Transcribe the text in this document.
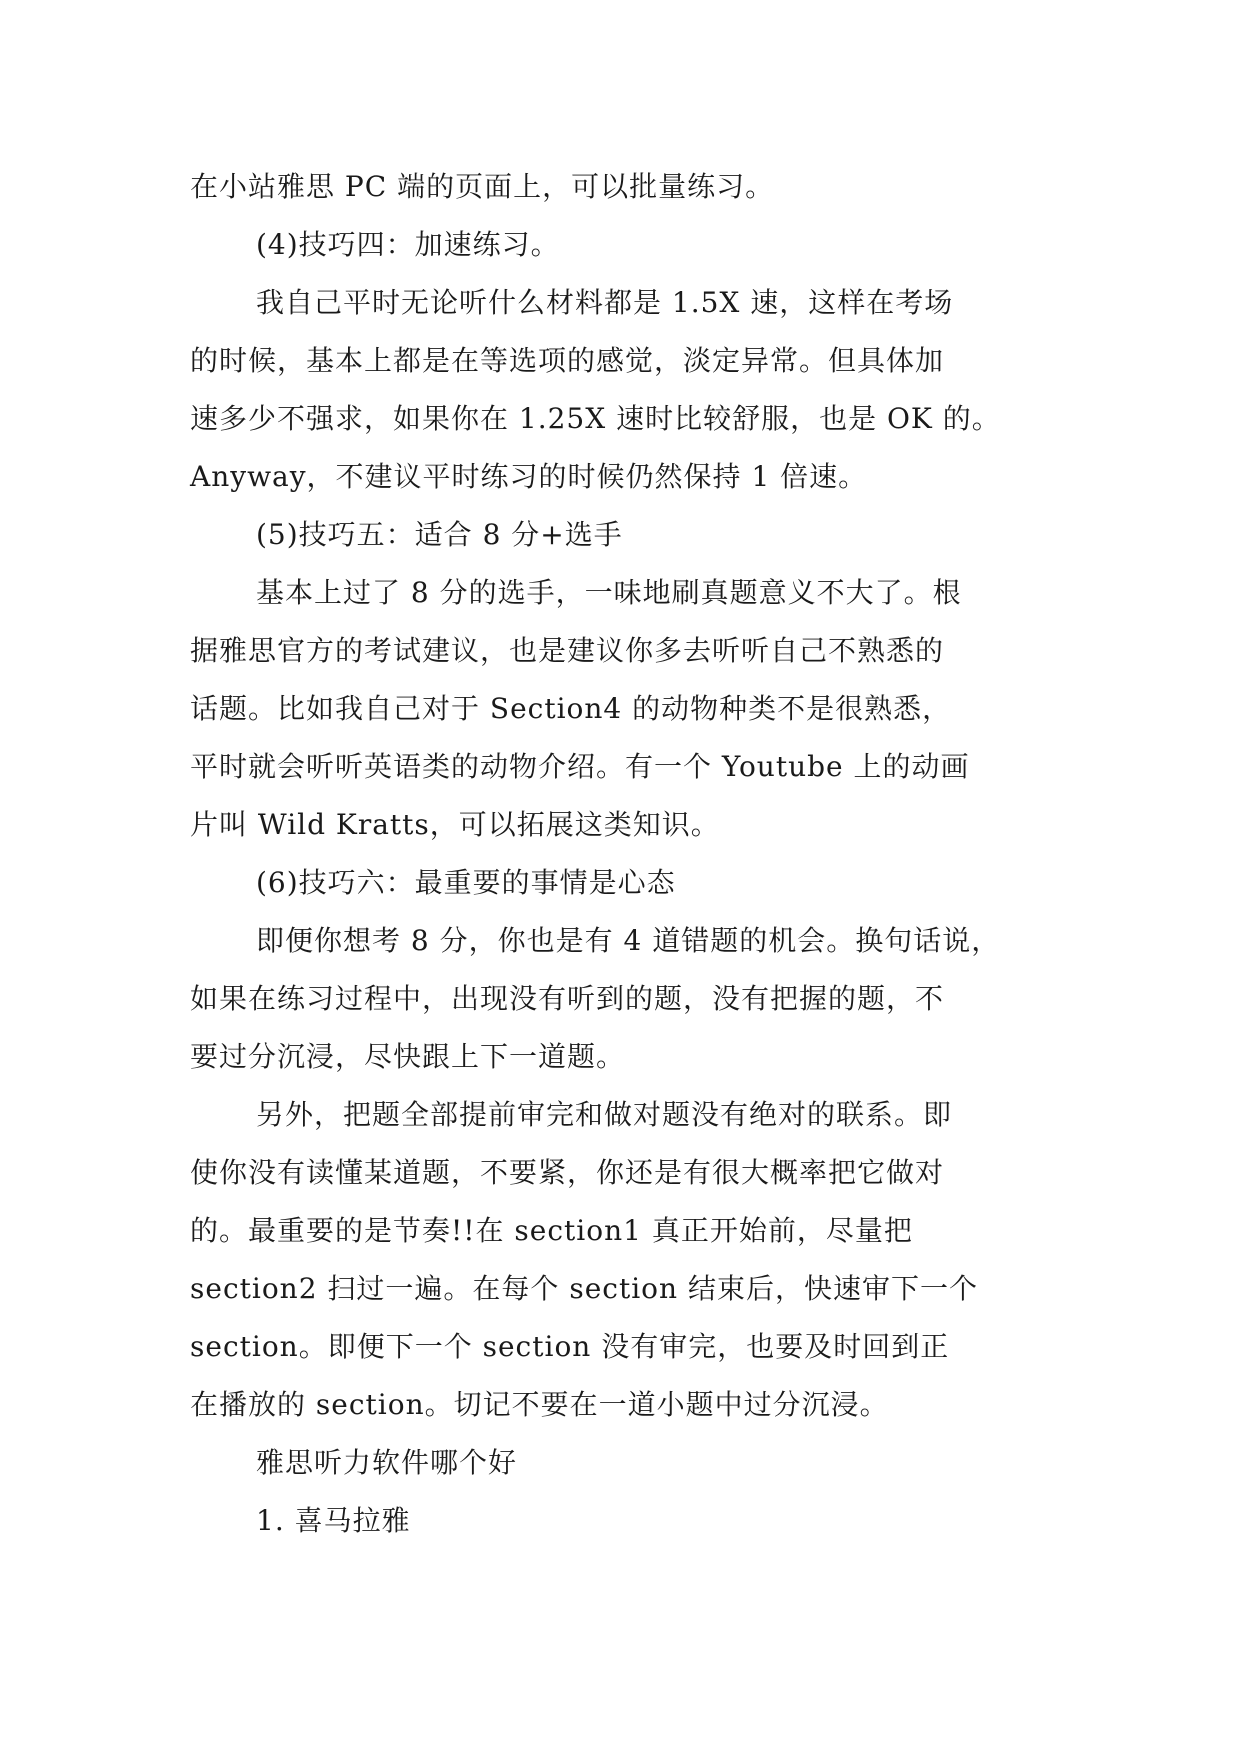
在小站雅思 PC 端的页面上，可以批量练习。
(4)技巧四：加速练习。
我自己平时无论听什么材料都是 1.5X 速，这样在考场
的时候，基本上都是在等选项的感觉，淡定异常。但具体加
速多少不强求，如果你在 1.25X 速时比较舒服，也是 OK 的。
Anyway，不建议平时练习的时候仍然保持 1 倍速。
(5)技巧五：适合 8 分+选手
基本上过了 8 分的选手，一味地刷真题意义不大了。根
据雅思官方的考试建议，也是建议你多去听听自己不熟悉的
话题。比如我自己对于 Section4 的动物种类不是很熟悉，
平时就会听听英语类的动物介绍。有一个 Youtube 上的动画
片叫 Wild Kratts，可以拓展这类知识。
(6)技巧六：最重要的事情是心态
即便你想考 8 分，你也是有 4 道错题的机会。换句话说，
如果在练习过程中，出现没有听到的题，没有把握的题，不
要过分沉浸，尽快跟上下一道题。
另外，把题全部提前审完和做对题没有绝对的联系。即
使你没有读懂某道题，不要紧，你还是有很大概率把它做对
的。最重要的是节奏!!在 section1 真正开始前，尽量把
section2 扫过一遍。在每个 section 结束后，快速审下一个
section。即便下一个 section 没有审完，也要及时回到正
在播放的 section。切记不要在一道小题中过分沉浸。
雅思听力软件哪个好
1. 喜马拉雅
